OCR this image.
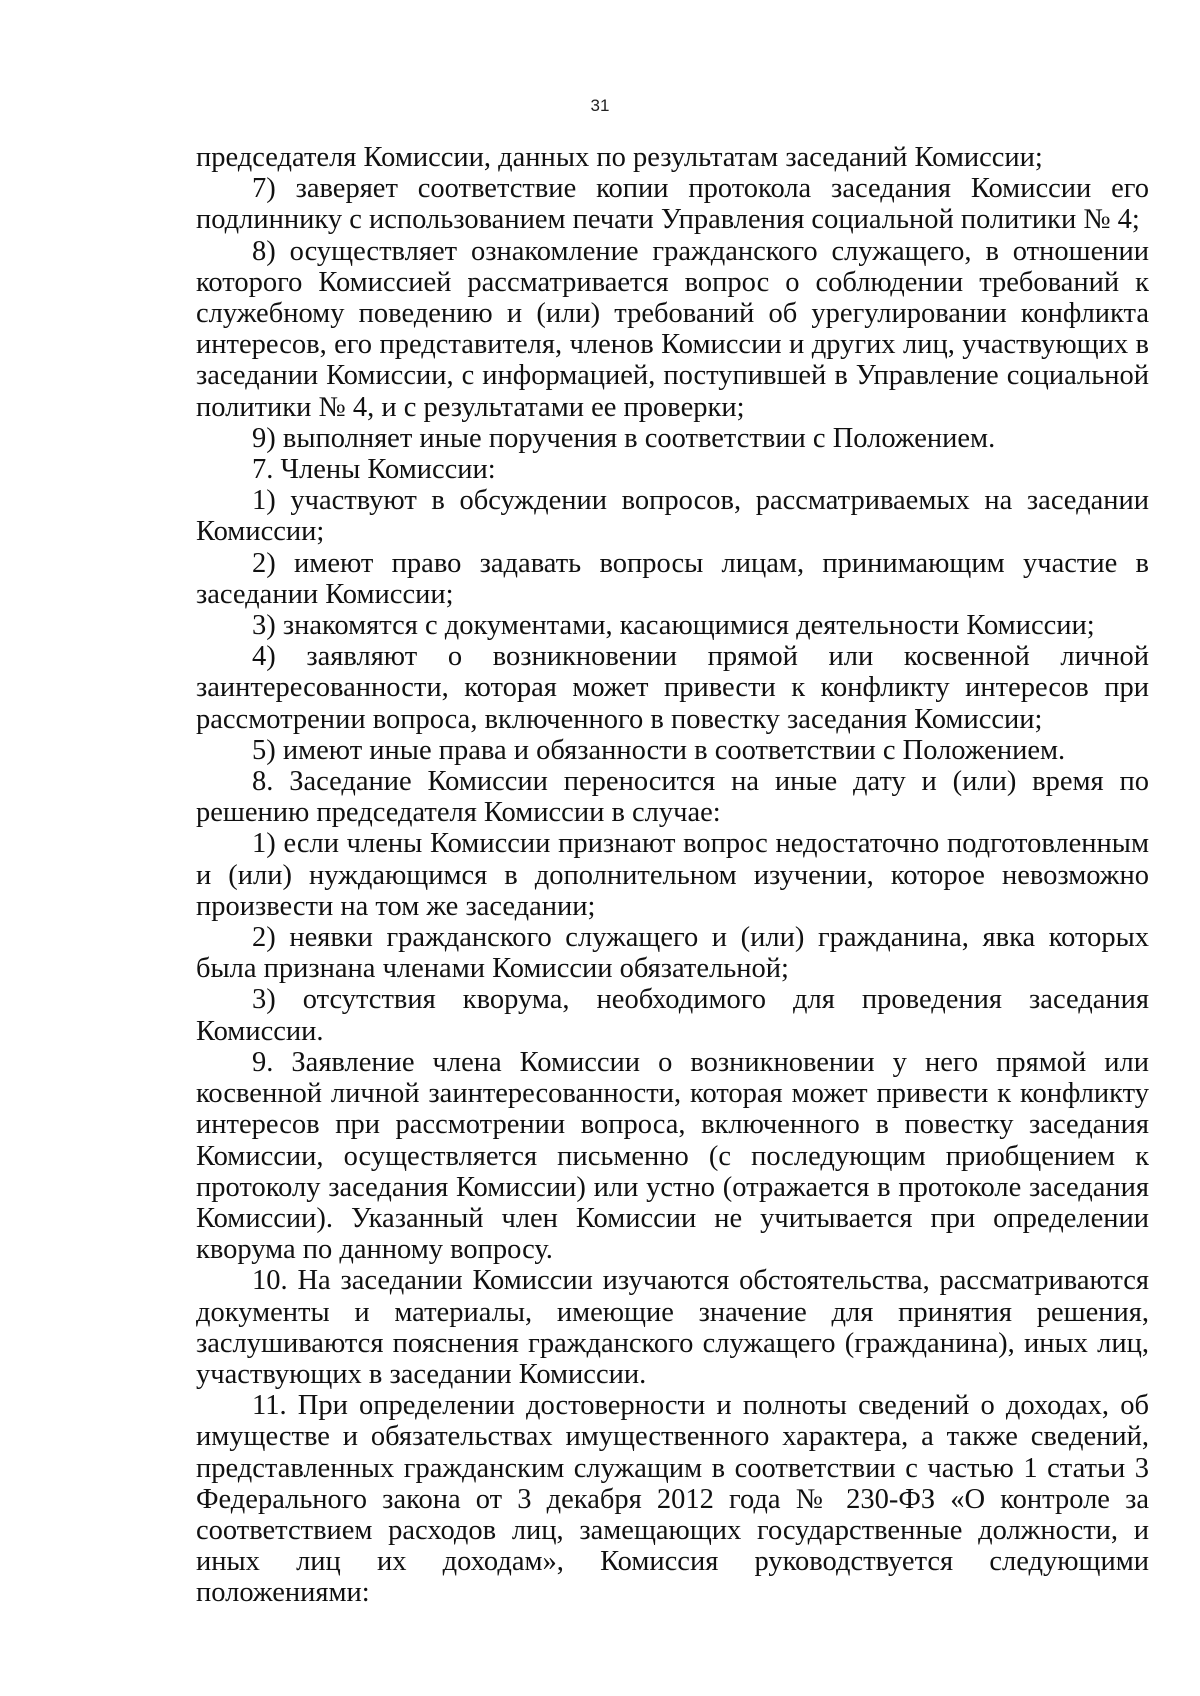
31

председателя Комиссии, данных по результатам заседаний Комиссии;

7) заверяет соответствие копии протокола заседания Комиссии его подлиннику с использованием печати Управления социальной политики № 4;

8) осуществляет ознакомление гражданского служащего, в отношении которого Комиссией рассматривается вопрос о соблюдении требований к служебному поведению и (или) требований об урегулировании конфликта интересов, его представителя, членов Комиссии и других лиц, участвующих в заседании Комиссии, с информацией, поступившей в Управление социальной политики № 4, и с результатами ее проверки;

9) выполняет иные поручения в соответствии с Положением.

7. Члены Комиссии:

1) участвуют в обсуждении вопросов, рассматриваемых на заседании Комиссии;

2) имеют право задавать вопросы лицам, принимающим участие в заседании Комиссии;

3) знакомятся с документами, касающимися деятельности Комиссии;

4) заявляют о возникновении прямой или косвенной личной заинтересованности, которая может привести к конфликту интересов при рассмотрении вопроса, включенного в повестку заседания Комиссии;

5) имеют иные права и обязанности в соответствии с Положением.

8. Заседание Комиссии переносится на иные дату и (или) время по решению председателя Комиссии в случае:

1) если члены Комиссии признают вопрос недостаточно подготовленным и (или) нуждающимся в дополнительном изучении, которое невозможно произвести на том же заседании;

2) неявки гражданского служащего и (или) гражданина, явка которых была признана членами Комиссии обязательной;

3) отсутствия кворума, необходимого для проведения заседания Комиссии.

9. Заявление члена Комиссии о возникновении у него прямой или косвенной личной заинтересованности, которая может привести к конфликту интересов при рассмотрении вопроса, включенного в повестку заседания Комиссии, осуществляется письменно (с последующим приобщением к протоколу заседания Комиссии) или устно (отражается в протоколе заседания Комиссии). Указанный член Комиссии не учитывается при определении кворума по данному вопросу.

10. На заседании Комиссии изучаются обстоятельства, рассматриваются документы и материалы, имеющие значение для принятия решения, заслушиваются пояснения гражданского служащего (гражданина), иных лиц, участвующих в заседании Комиссии.

11. При определении достоверности и полноты сведений о доходах, об имуществе и обязательствах имущественного характера, а также сведений, представленных гражданским служащим в соответствии с частью 1 статьи 3 Федерального закона от 3 декабря 2012 года № 230-ФЗ «О контроле за соответствием расходов лиц, замещающих государственные должности, и иных лиц их доходам», Комиссия руководствуется следующими положениями:
